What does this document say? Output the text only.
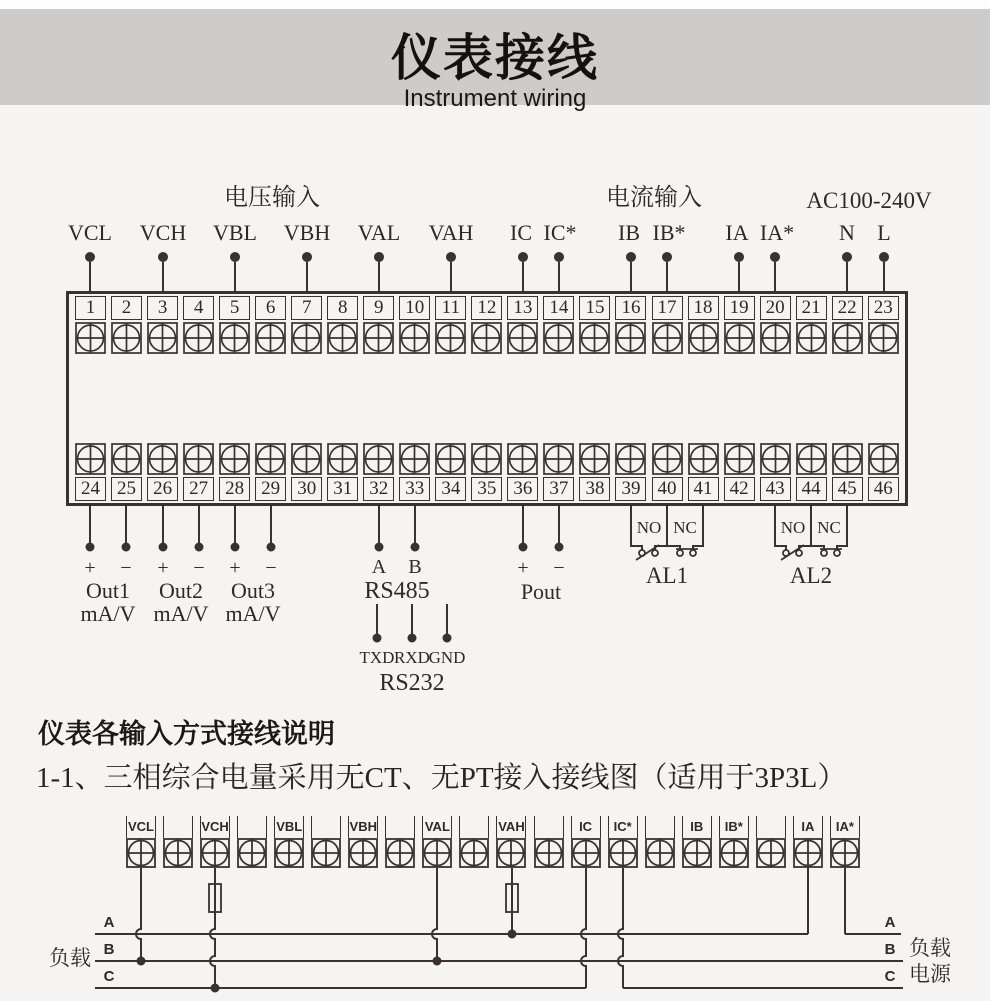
仪表接线
Instrument wiring
电压输入	电流输入	AC100-240V
VCL VCH VBL VBH VAL VAH IC IC* IB IB* IA IA* N L
1	2	3	4	5	6	7	8	9	10 11 12 13 14 15 16 17 18 19 20 21 22 23
24 25 26 27 28 29 30 31 32 33 34 35 36 37 38 39 40 41 42 43 44 45 46
+ − + − + −
Out1
mA/V
Out2
mA/V
Out3
mA/V
A B
RS485
TXD RXD
GND
RS232
+ −
Pout
NO NC
AL1
NO NC
AL2
仪表各输入方式接线说明
1-1、三相综合电量采用无CT、无PT接入接线图（适用于3P3L）
VCL	VCH	VBL	VBH	VAL	VAH	IC	IC*	IB	IB*	IA	IA*
A
B
C
负载
A
B
C
负载
电源
